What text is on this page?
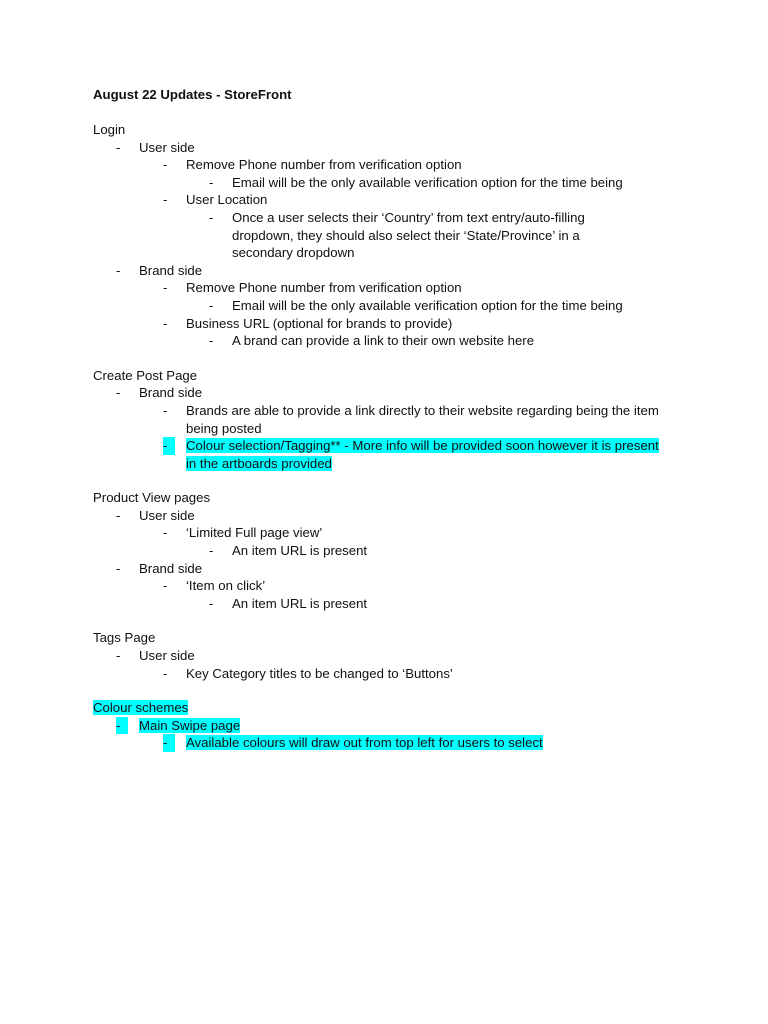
August 22 Updates - StoreFront
Login
-	User side
-	Remove Phone number from verification option
-	Email will be the only available verification option for the time being
-	User Location
-	Once a user selects their ‘Country’ from text entry/auto-filling dropdown, they should also select their ‘State/Province’ in a secondary dropdown
-	Brand side
-	Remove Phone number from verification option
-	Email will be the only available verification option for the time being
-	Business URL (optional for brands to provide)
-	A brand can provide a link to their own website here
Create Post Page
-	Brand side
-	Brands are able to provide a link directly to their website regarding being the item being posted
-	Colour selection/Tagging** - More info will be provided soon however it is present in the artboards provided
Product View pages
-	User side
-	‘Limited Full page view’
-	An item URL is present
-	Brand side
-	‘Item on click’
-	An item URL is present
Tags Page
-	User side
-	Key Category titles to be changed to ‘Buttons’
Colour schemes
-	Main Swipe page
-	Available colours will draw out from top left for users to select
